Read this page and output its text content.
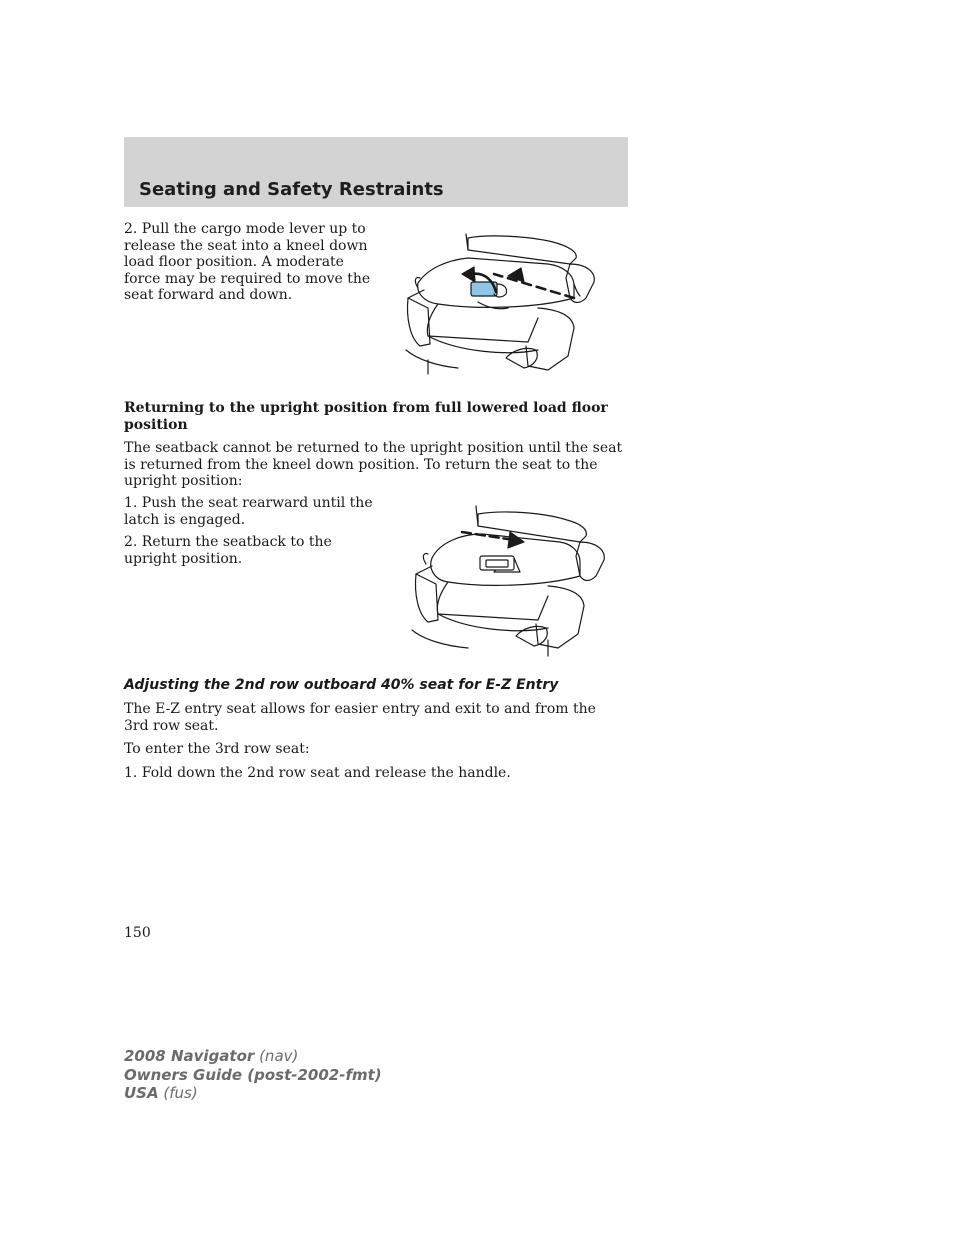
Seating and Safety Restraints

2. Pull the cargo mode lever up to release the seat into a kneel down load floor position. A moderate force may be required to move the seat forward and down.

Returning to the upright position from full lowered load floor position

The seatback cannot be returned to the upright position until the seat is returned from the kneel down position. To return the seat to the upright position:

1. Push the seat rearward until the latch is engaged.

2. Return the seatback to the upright position.

Adjusting the 2nd row outboard 40% seat for E-Z Entry

The E-Z entry seat allows for easier entry and exit to and from the 3rd row seat.

To enter the 3rd row seat:

1. Fold down the 2nd row seat and release the handle.

150
2008 Navigator (nav)
Owners Guide (post-2002-fmt)
USA (fus)
